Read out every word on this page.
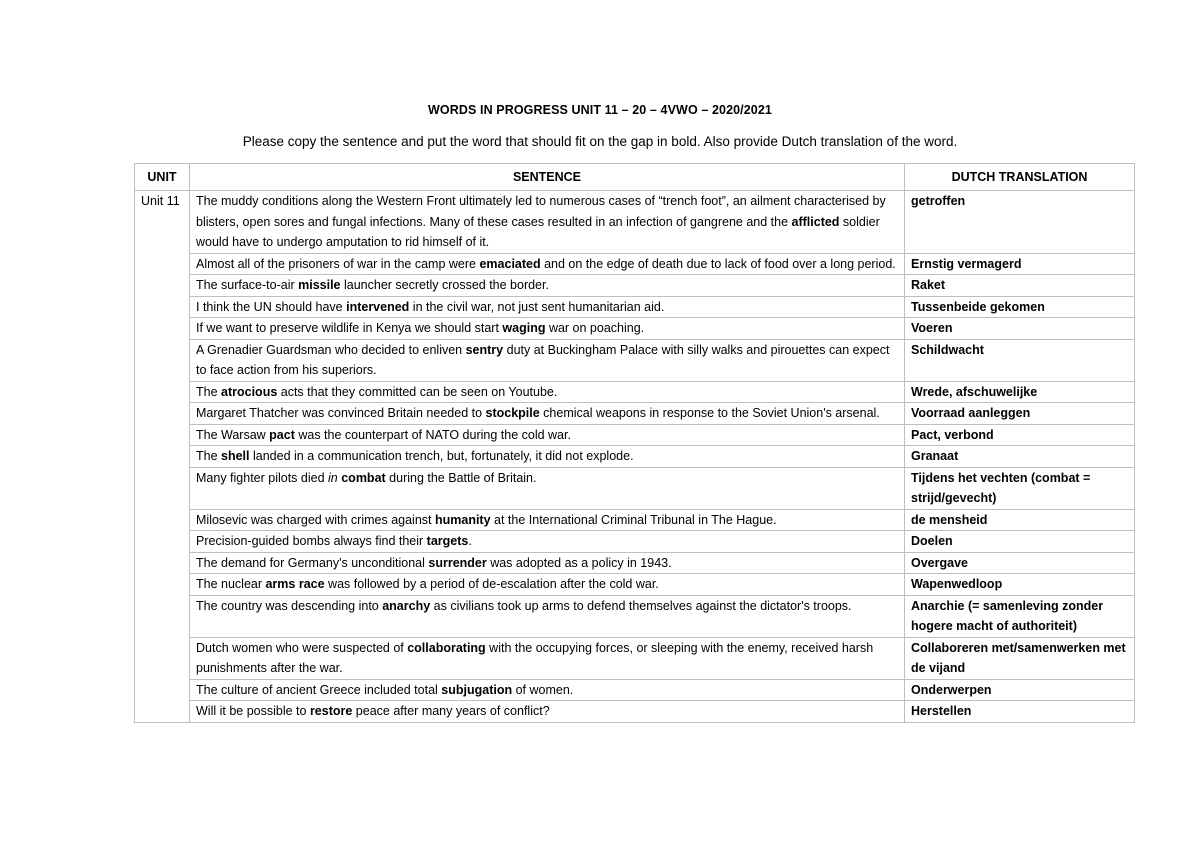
WORDS IN PROGRESS UNIT 11 – 20 – 4VWO – 2020/2021
Please copy the sentence and put the word that should fit on the gap in bold. Also provide Dutch translation of the word.
UNIT	SENTENCE	DUTCH TRANSLATION
Unit 11	The muddy conditions along the Western Front ultimately led to numerous cases of “trench foot”, an ailment characterised by blisters, open sores and fungal infections. Many of these cases resulted in an infection of gangrene and the afflicted soldier would have to undergo amputation to rid himself of it.	getroffen
	Almost all of the prisoners of war in the camp were emaciated and on the edge of death due to lack of food over a long period.	Ernstig vermagerd
	The surface-to-air missile launcher secretly crossed the border.	Raket
	I think the UN should have intervened in the civil war, not just sent humanitarian aid.	Tussenbeide gekomen
	If we want to preserve wildlife in Kenya we should start waging war on poaching.	Voeren
	A Grenadier Guardsman who decided to enliven sentry duty at Buckingham Palace with silly walks and pirouettes can expect to face action from his superiors.	Schildwacht
	The atrocious acts that they committed can be seen on Youtube.	Wrede, afschuwelijke
	Margaret Thatcher was convinced Britain needed to stockpile chemical weapons in response to the Soviet Union's arsenal.	Voorraad aanleggen
	The Warsaw pact was the counterpart of NATO during the cold war.	Pact, verbond
	The shell landed in a communication trench, but, fortunately, it did not explode.	Granaat
	Many fighter pilots died in combat during the Battle of Britain.	Tijdens het vechten (combat = strijd/gevecht)
	Milosevic was charged with crimes against humanity at the International Criminal Tribunal in The Hague.	de mensheid
	Precision-guided bombs always find their targets.	Doelen
	The demand for Germany's unconditional surrender was adopted as a policy in 1943.	Overgave
	The nuclear arms race was followed by a period of de-escalation after the cold war.	Wapenwedloop
	The country was descending into anarchy as civilians took up arms to defend themselves against the dictator's troops.	Anarchie (= samenleving zonder hogere macht of authoriteit)
	Dutch women who were suspected of collaborating with the occupying forces, or sleeping with the enemy, received harsh punishments after the war.	Collaboreren met/samenwerken met de vijand
	The culture of ancient Greece included total subjugation of women.	Onderwerpen
	Will it be possible to restore peace after many years of conflict?	Herstellen
